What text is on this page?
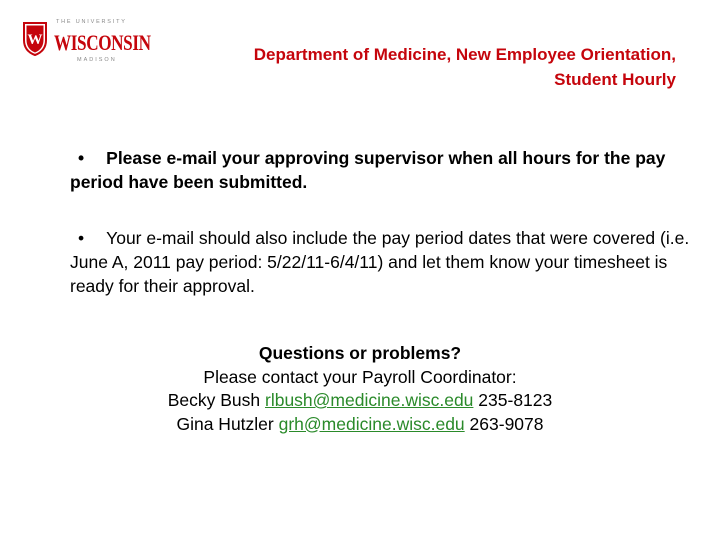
W
THE UNIVERSITY
WISCONSIN
MADISON	Department of Medicine, New Employee Orientation,
Student Hourly
• Please e-mail your approving supervisor when all hours for the pay period have been submitted.
• Your e-mail should also include the pay period dates that were covered (i.e. June A, 2011 pay period: 5/22/11-6/4/11) and let them know your timesheet is ready for their approval.
Questions or problems?
Please contact your Payroll Coordinator:
Becky Bush rlbush@medicine.wisc.edu 235-8123
Gina Hutzler grh@medicine.wisc.edu 263-9078
